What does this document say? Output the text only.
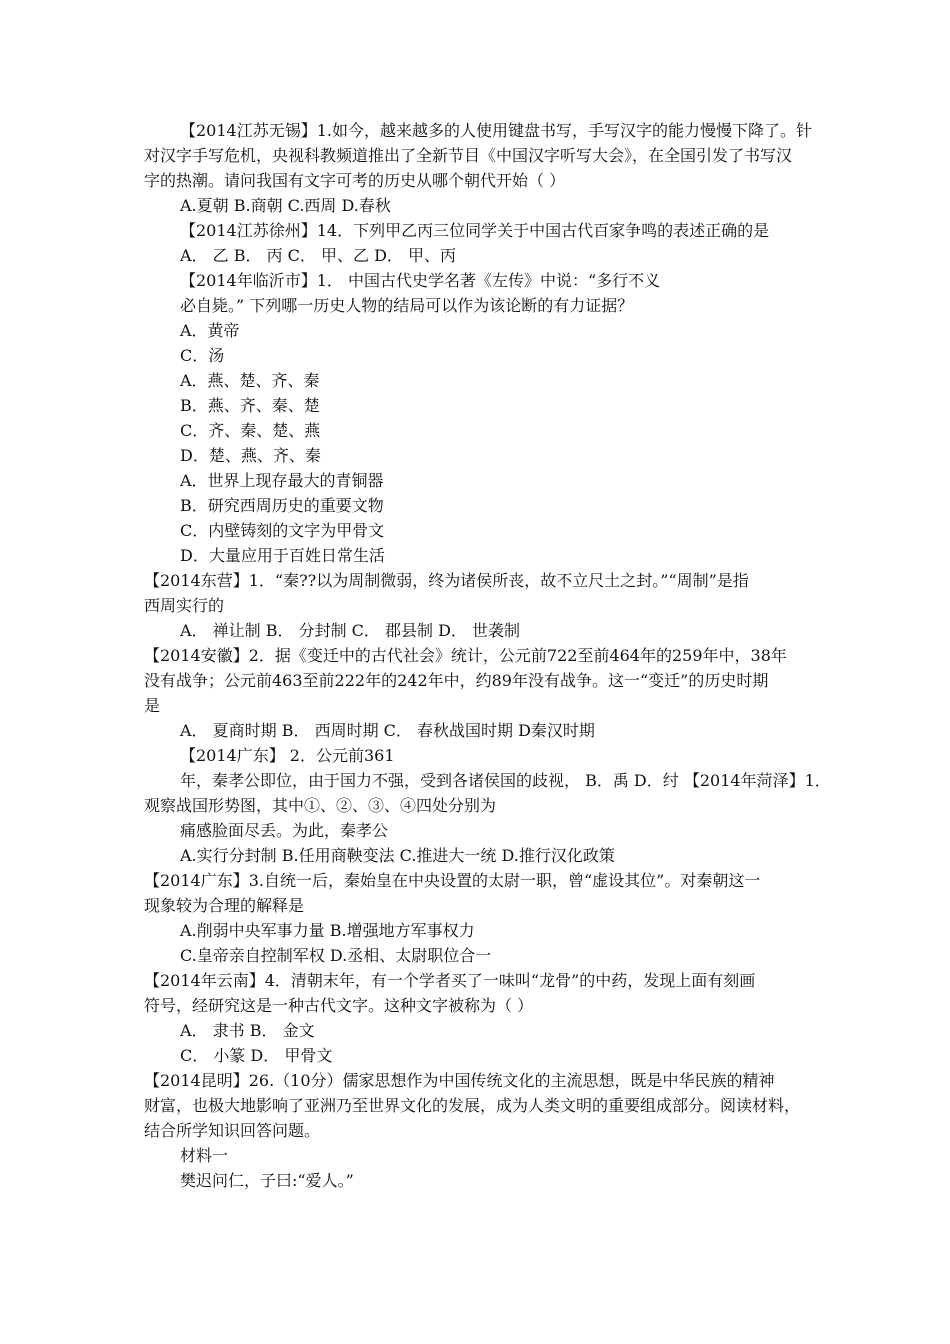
【2014江苏无锡】1.如今，越来越多的人使用键盘书写，手写汉字的能力慢慢下降了。针
对汉字手写危机，央视科教频道推出了全新节目《中国汉字听写大会》，在全国引发了书写汉
字的热潮。请问我国有文字可考的历史从哪个朝代开始（ ）
A.夏朝 B.商朝 C.西周 D.春秋
【2014江苏徐州】14．下列甲乙丙三位同学关于中国古代百家争鸣的表述正确的是
A． 乙 B． 丙 C． 甲、乙 D． 甲、丙
【2014年临沂市】1． 中国古代史学名著《左传》中说：“多行不义
必自毙。” 下列哪一历史人物的结局可以作为该论断的有力证据？
A．黄帝
C．汤
A．燕、楚、齐、秦
B．燕、齐、秦、楚
C．齐、秦、楚、燕
D．楚、燕、齐、秦
A．世界上现存最大的青铜器
B．研究西周历史的重要文物
C．内壁铸刻的文字为甲骨文
D．大量应用于百姓日常生活
【2014东营】1．“秦??以为周制微弱，终为诸侯所丧，故不立尺土之封。”“周制”是指
西周实行的
A． 禅让制 B． 分封制 C． 郡县制 D． 世袭制
【2014安徽】2．据《变迁中的古代社会》统计，公元前722至前464年的259年中，38年
没有战争；公元前463至前222年的242年中，约89年没有战争。这一“变迁”的历史时期
是
A． 夏商时期 B． 西周时期 C． 春秋战国时期 D秦汉时期
【2014广东】 2．公元前361
年，秦孝公即位，由于国力不强，受到各诸侯国的歧视， B．禹 D．纣 【2014年菏泽】1．
观察战国形势图，其中①、②、③、④四处分别为
痛感脸面尽丢。为此，秦孝公
A.实行分封制 B.任用商鞅变法 C.推进大一统 D.推行汉化政策
【2014广东】3.自统一后，秦始皇在中央设置的太尉一职，曾“虚设其位”。对秦朝这一
现象较为合理的解释是
A.削弱中央军事力量 B.增强地方军事权力
C.皇帝亲自控制军权 D.丞相、太尉职位合一
【2014年云南】4．清朝末年，有一个学者买了一味叫“龙骨”的中药，发现上面有刻画
符号，经研究这是一种古代文字。这种文字被称为（ ）
A． 隶书 B． 金文
C． 小篆 D． 甲骨文
【2014昆明】26.（10分）儒家思想作为中国传统文化的主流思想，既是中华民族的精神
财富，也极大地影响了亚洲乃至世界文化的发展，成为人类文明的重要组成部分。阅读材料，
结合所学知识回答问题。
材料一
樊迟问仁，子曰:“爱人。”
